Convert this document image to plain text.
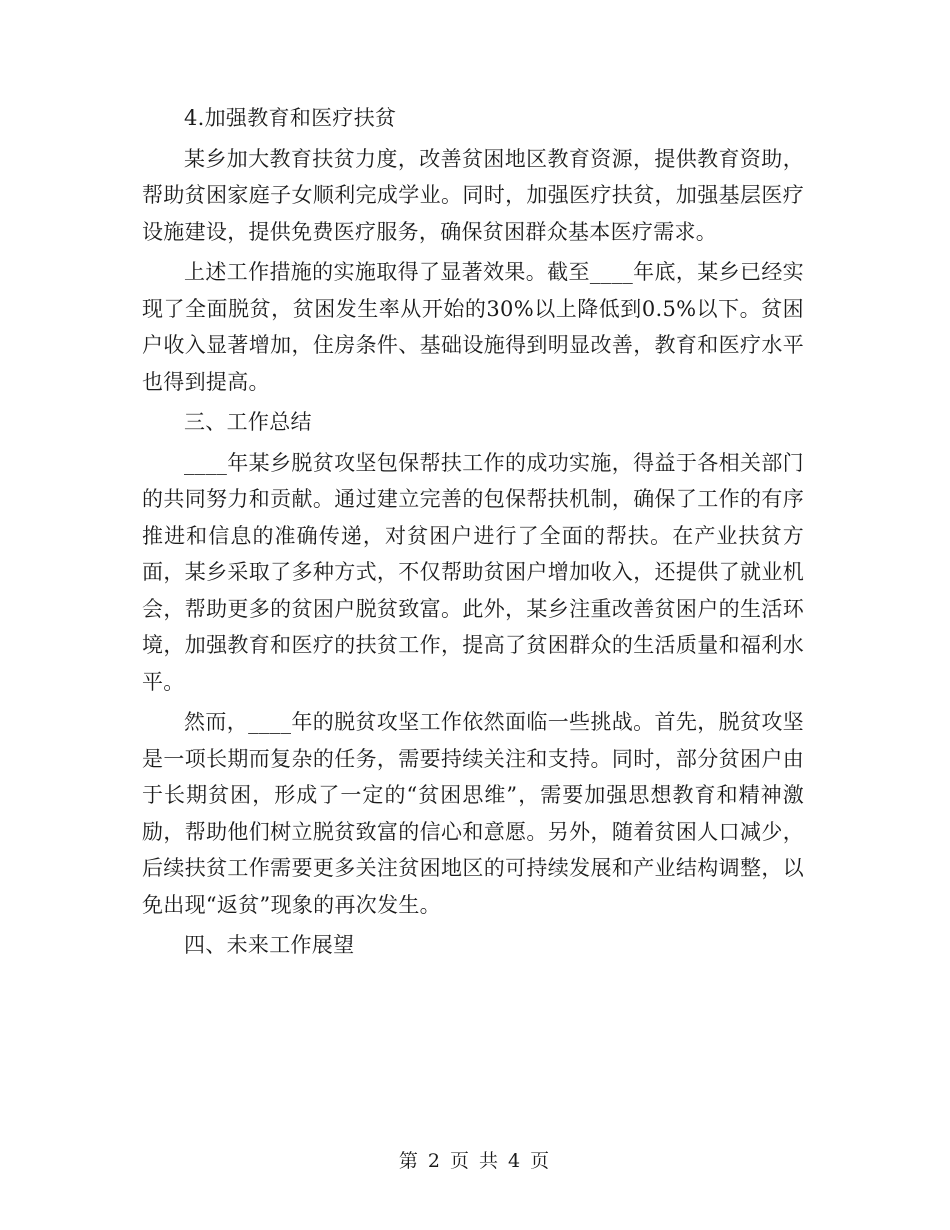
4.加强教育和医疗扶贫

某乡加大教育扶贫力度，改善贫困地区教育资源，提供教育资助，帮助贫困家庭子女顺利完成学业。同时，加强医疗扶贫，加强基层医疗设施建设，提供免费医疗服务，确保贫困群众基本医疗需求。

上述工作措施的实施取得了显著效果。截至____年底，某乡已经实现了全面脱贫，贫困发生率从开始的30%以上降低到0.5%以下。贫困户收入显著增加，住房条件、基础设施得到明显改善，教育和医疗水平也得到提高。

三、工作总结

____年某乡脱贫攻坚包保帮扶工作的成功实施，得益于各相关部门的共同努力和贡献。通过建立完善的包保帮扶机制，确保了工作的有序推进和信息的准确传递，对贫困户进行了全面的帮扶。在产业扶贫方面，某乡采取了多种方式，不仅帮助贫困户增加收入，还提供了就业机会，帮助更多的贫困户脱贫致富。此外，某乡注重改善贫困户的生活环境，加强教育和医疗的扶贫工作，提高了贫困群众的生活质量和福利水平。

然而，____年的脱贫攻坚工作依然面临一些挑战。首先，脱贫攻坚是一项长期而复杂的任务，需要持续关注和支持。同时，部分贫困户由于长期贫困，形成了一定的“贫困思维”，需要加强思想教育和精神激励，帮助他们树立脱贫致富的信心和意愿。另外，随着贫困人口减少，后续扶贫工作需要更多关注贫困地区的可持续发展和产业结构调整，以免出现“返贫”现象的再次发生。

四、未来工作展望

第 2 页 共 4 页
